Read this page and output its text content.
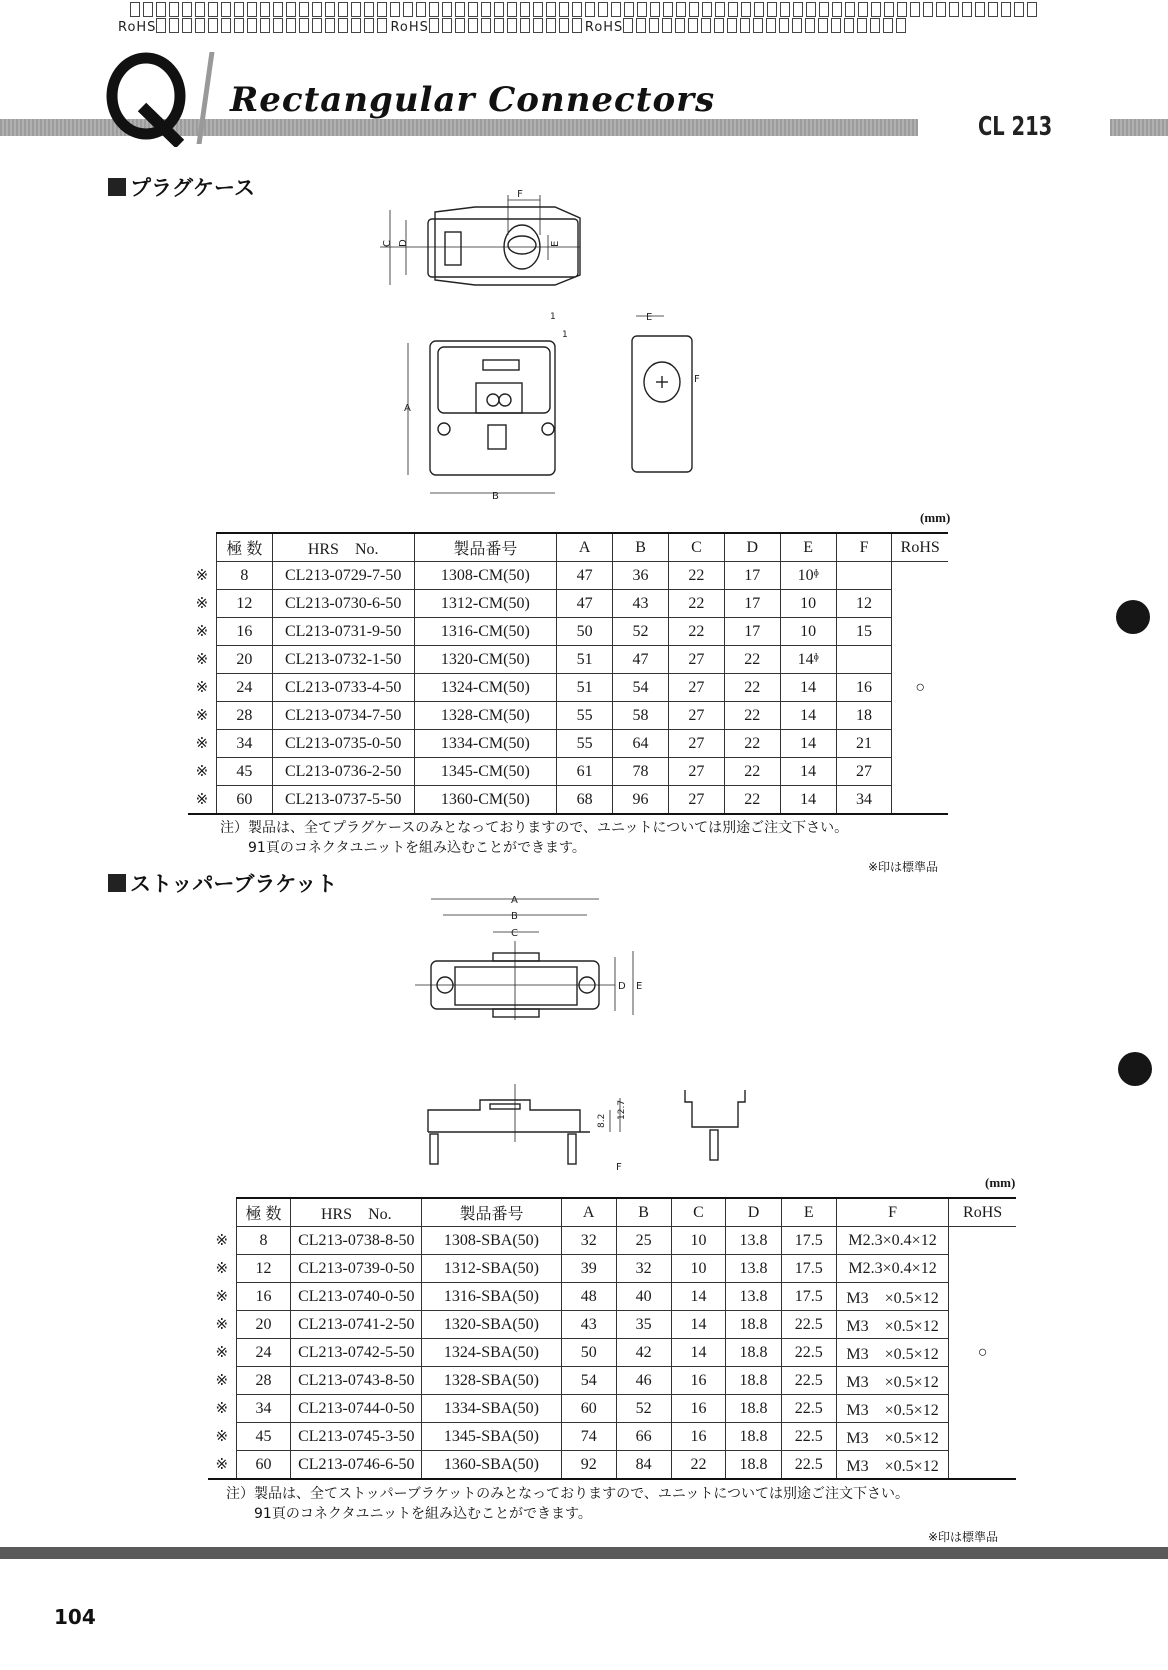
RoHS	RoHS	RoHS
Rectangular Connectors
CL 213
プラグケース	F
C D	E
A
B
1
1
E
F
(mm)
	極 数	HRS　No.	製品番号	A	B	C	D	E	F	RoHS
※	8	CL213-0729-7-50	1308-CM(50)	47	36	22	17	10ᶲ		○
※	12	CL213-0730-6-50	1312-CM(50)	47	43	22	17	10	12	
※	16	CL213-0731-9-50	1316-CM(50)	50	52	22	17	10	15	
※	20	CL213-0732-1-50	1320-CM(50)	51	47	27	22	14ᶲ		
※	24	CL213-0733-4-50	1324-CM(50)	51	54	27	22	14	16	
※	28	CL213-0734-7-50	1328-CM(50)	55	58	27	22	14	18	
※	34	CL213-0735-0-50	1334-CM(50)	55	64	27	22	14	21	
※	45	CL213-0736-2-50	1345-CM(50)	61	78	27	22	14	27	
※	60	CL213-0737-5-50	1360-CM(50)	68	96	27	22	14	34	
注）製品は、全てプラグケースのみとなっておりますので、ユニットについては別途ご注文下さい。
91頁のコネクタユニットを組み込むことができます。
※印は標準品
ストッパーブラケット
A
B
C
D E
8.2
12.7
F
(mm)
	極 数	HRS　No.	製品番号	A	B	C	D	E	F	RoHS
※	8	CL213-0738-8-50	1308-SBA(50)	32	25	10	13.8	17.5	M2.3×0.4×12	○
※	12	CL213-0739-0-50	1312-SBA(50)	39	32	10	13.8	17.5	M2.3×0.4×12	
※	16	CL213-0740-0-50	1316-SBA(50)	48	40	14	13.8	17.5	M3　×0.5×12	
※	20	CL213-0741-2-50	1320-SBA(50)	43	35	14	18.8	22.5	M3　×0.5×12	
※	24	CL213-0742-5-50	1324-SBA(50)	50	42	14	18.8	22.5	M3　×0.5×12	
※	28	CL213-0743-8-50	1328-SBA(50)	54	46	16	18.8	22.5	M3　×0.5×12	
※	34	CL213-0744-0-50	1334-SBA(50)	60	52	16	18.8	22.5	M3　×0.5×12	
※	45	CL213-0745-3-50	1345-SBA(50)	74	66	16	18.8	22.5	M3　×0.5×12	
※	60	CL213-0746-6-50	1360-SBA(50)	92	84	22	18.8	22.5	M3　×0.5×12	
注）製品は、全てストッパーブラケットのみとなっておりますので、ユニットについては別途ご注文下さい。
91頁のコネクタユニットを組み込むことができます。
※印は標準品
104
